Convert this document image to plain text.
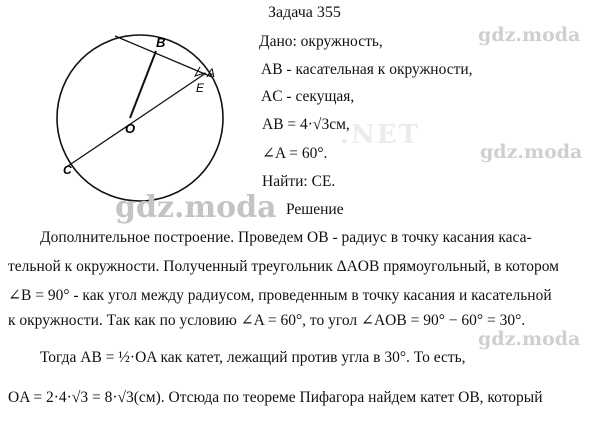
B
A
E
O
C
Задача 355
Дано: окружность,
AB - касательная к окружности,
AC - секущая,
AB = 4·√3см,
∠A = 60°.
Найти: CE.
Решение
Дополнительное построение. Проведем OB - радиус в точку касания каса-
тельной к окружности. Полученный треугольник ΔAOB прямоугольный, в котором
∠B = 90° - как угол между радиусом, проведенным в точку касания и касательной
к окружности. Так как по условию ∠A = 60°, то угол ∠AOB = 90° − 60° = 30°.
Тогда AB = ½·OA как катет, лежащий против угла в 30°. То есть,
OA = 2·4·√3 = 8·√3(см). Отсюда по теореме Пифагора найдем катет OB, который
gdz.moda
gdz.moda
gdz.moda
gdz.moda
.NET
